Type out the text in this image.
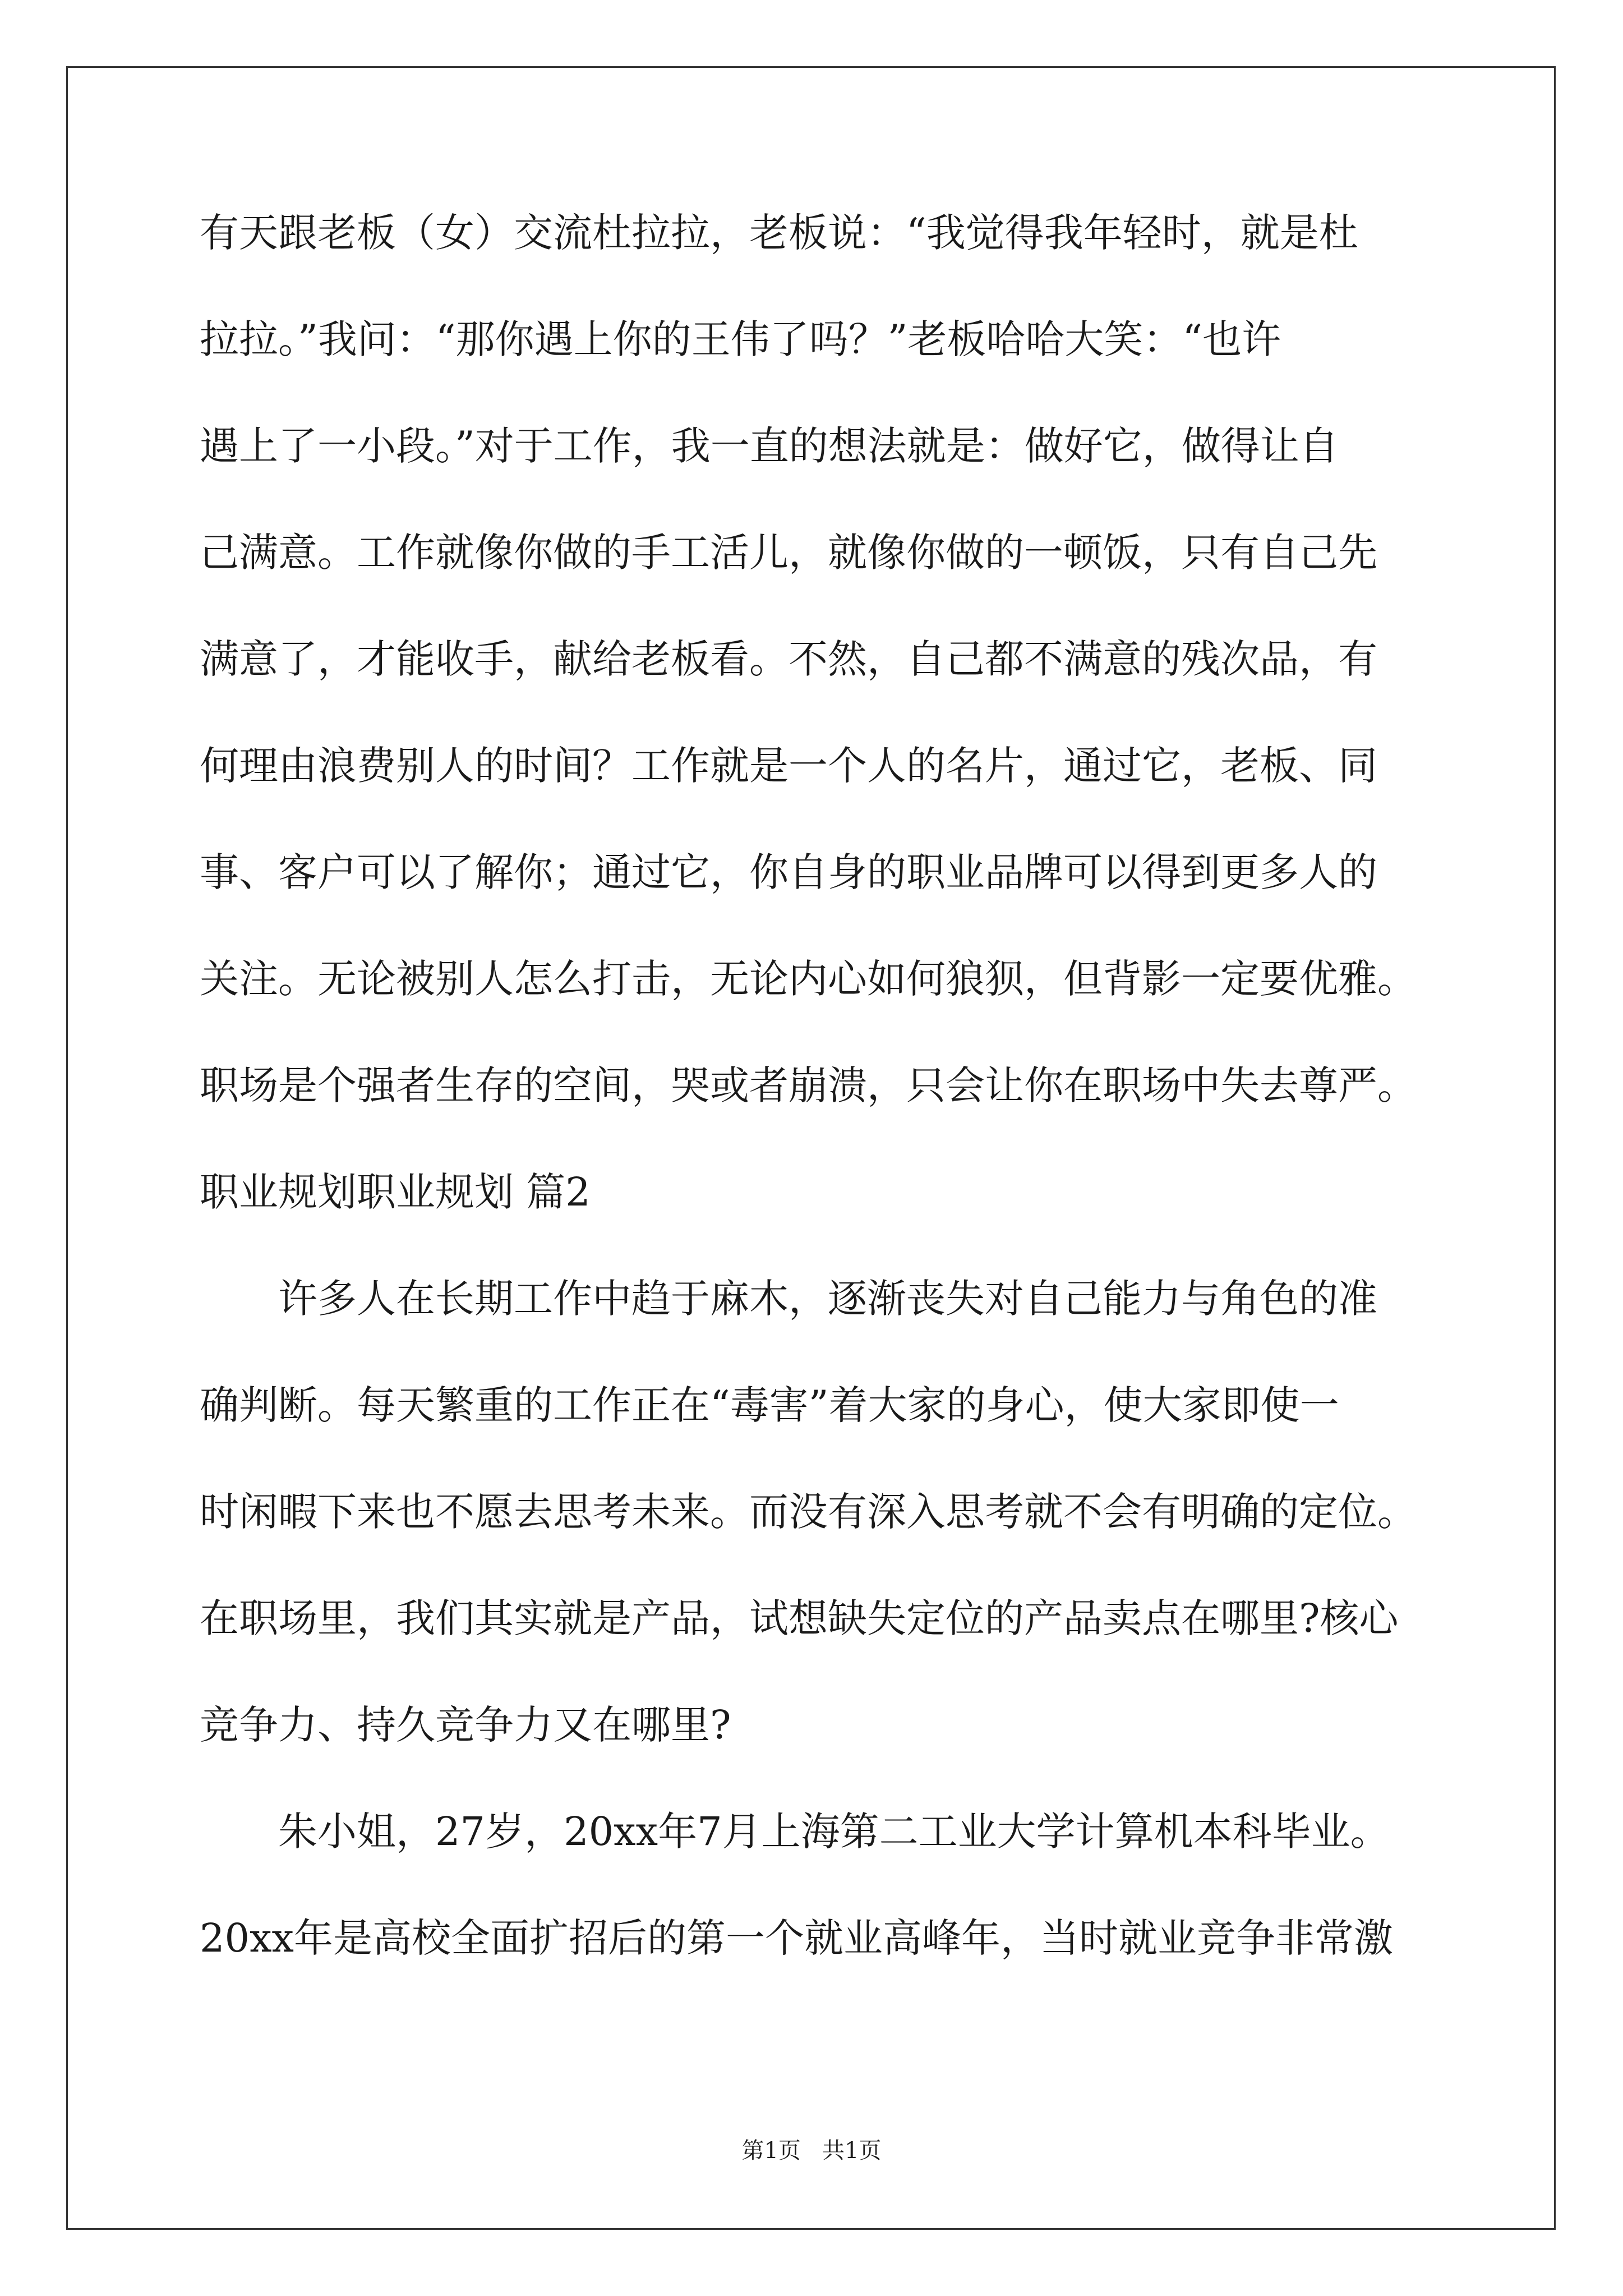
有天跟老板（女）交流杜拉拉，老板说：“我觉得我年轻时，就是杜
拉拉。”我问：“那你遇上你的王伟了吗？”老板哈哈大笑：“也许
遇上了一小段。”对于工作，我一直的想法就是：做好它，做得让自
己满意。工作就像你做的手工活儿，就像你做的一顿饭，只有自己先
满意了，才能收手，献给老板看。不然，自己都不满意的残次品，有
何理由浪费别人的时间？工作就是一个人的名片，通过它，老板、同
事、客户可以了解你；通过它，你自身的职业品牌可以得到更多人的
关注。无论被别人怎么打击，无论内心如何狼狈，但背影一定要优雅。
职场是个强者生存的空间，哭或者崩溃，只会让你在职场中失去尊严。
职业规划职业规划 篇2
　　许多人在长期工作中趋于麻木，逐渐丧失对自己能力与角色的准
确判断。每天繁重的工作正在“毒害”着大家的身心，使大家即使一
时闲暇下来也不愿去思考未来。而没有深入思考就不会有明确的定位。
在职场里，我们其实就是产品，试想缺失定位的产品卖点在哪里?核心
竞争力、持久竞争力又在哪里?
　　朱小姐，27岁，20xx年7月上海第二工业大学计算机本科毕业。
20xx年是高校全面扩招后的第一个就业高峰年，当时就业竞争非常激
第1页   共1页
